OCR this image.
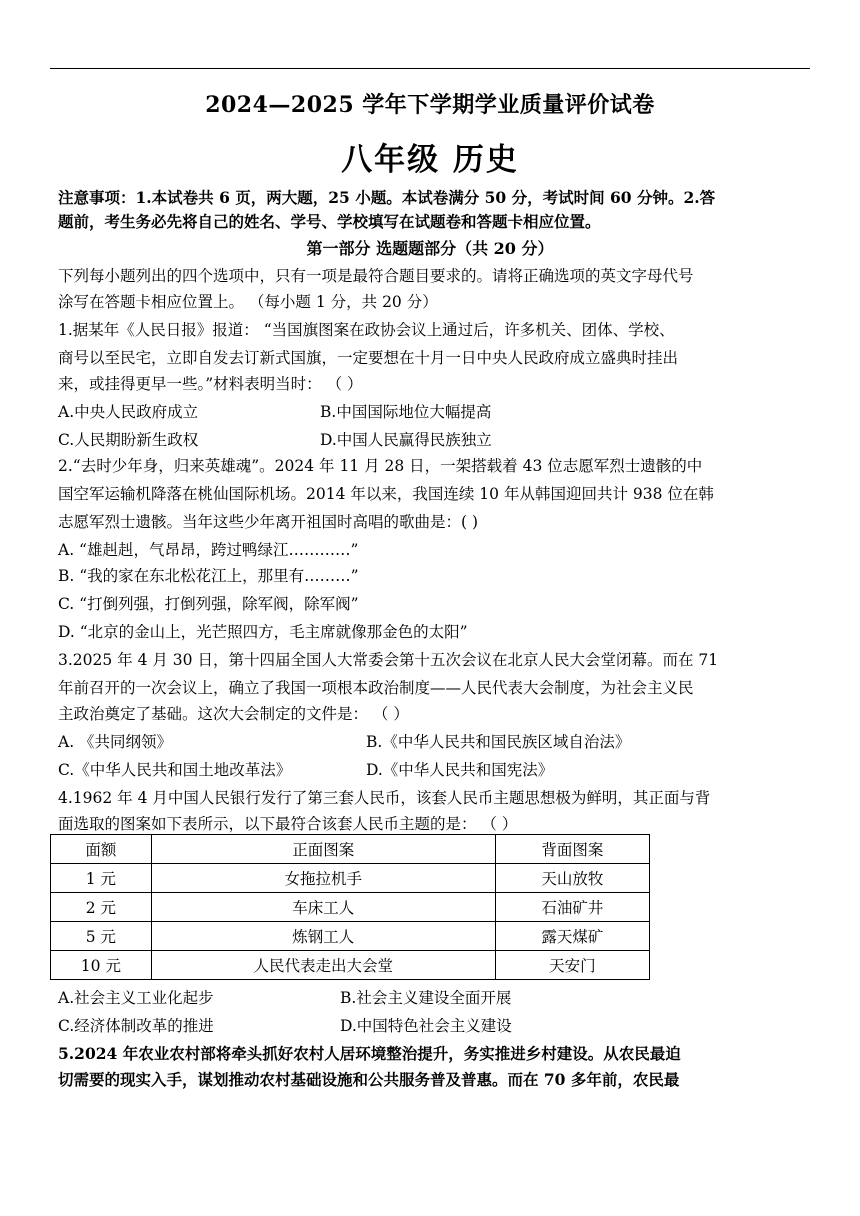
2024—2025 学年下学期学业质量评价试卷
八年级 历史
注意事项：1.本试卷共 6 页，两大题，25 小题。本试卷满分 50 分，考试时间 60 分钟。2.答
题前，考生务必先将自己的姓名、学号、学校填写在试题卷和答题卡相应位置。
第一部分 选题题部分（共 20 分）
下列每小题列出的四个选项中，只有一项是最符合题目要求的。请将正确选项的英文字母代号
涂写在答题卡相应位置上。 （每小题 1 分，共 20 分）
1.据某年《人民日报》报道： “当国旗图案在政协会议上通过后，许多机关、团体、学校、
商号以至民宅，立即自发去订新式国旗，一定要想在十月一日中央人民政府成立盛典时挂出
来，或挂得更早一些。”材料表明当时： （ ）
A.中央人民政府成立	B.中国国际地位大幅提高
C.人民期盼新生政权	D.中国人民赢得民族独立
2.“去时少年身，归来英雄魂”。2024 年 11 月 28 日，一架搭载着 43 位志愿军烈士遗骸的中
国空军运输机降落在桃仙国际机场。2014 年以来，我国连续 10 年从韩国迎回共计 938 位在韩
志愿军烈士遗骸。当年这些少年离开祖国时高唱的歌曲是：( )
A. “雄赳赳，气昂昂，跨过鸭绿江…………”
B. “我的家在东北松花江上，那里有………”
C. “打倒列强，打倒列强，除军阀，除军阀”
D. “北京的金山上，光芒照四方，毛主席就像那金色的太阳”
3.2025 年 4 月 30 日，第十四届全国人大常委会第十五次会议在北京人民大会堂闭幕。而在 71
年前召开的一次会议上，确立了我国一项根本政治制度——人民代表大会制度，为社会主义民
主政治奠定了基础。这次大会制定的文件是： （ ）
A. 《共同纲领》	B.《中华人民共和国民族区域自治法》
C.《中华人民共和国土地改革法》	D.《中华人民共和国宪法》
4.1962 年 4 月中国人民银行发行了第三套人民币，该套人民币主题思想极为鲜明，其正面与背
面选取的图案如下表所示，以下最符合该套人民币主题的是： （ ）
面额	正面图案	背面图案
1 元	女拖拉机手	天山放牧
2 元	车床工人	石油矿井
5 元	炼钢工人	露天煤矿
10 元	人民代表走出大会堂	天安门
A.社会主义工业化起步	B.社会主义建设全面开展
C.经济体制改革的推进	D.中国特色社会主义建设
5.2024 年农业农村部将牵头抓好农村人居环境整治提升，务实推进乡村建设。从农民最迫
切需要的现实入手，谋划推动农村基础设施和公共服务普及普惠。而在 70 多年前，农民最
